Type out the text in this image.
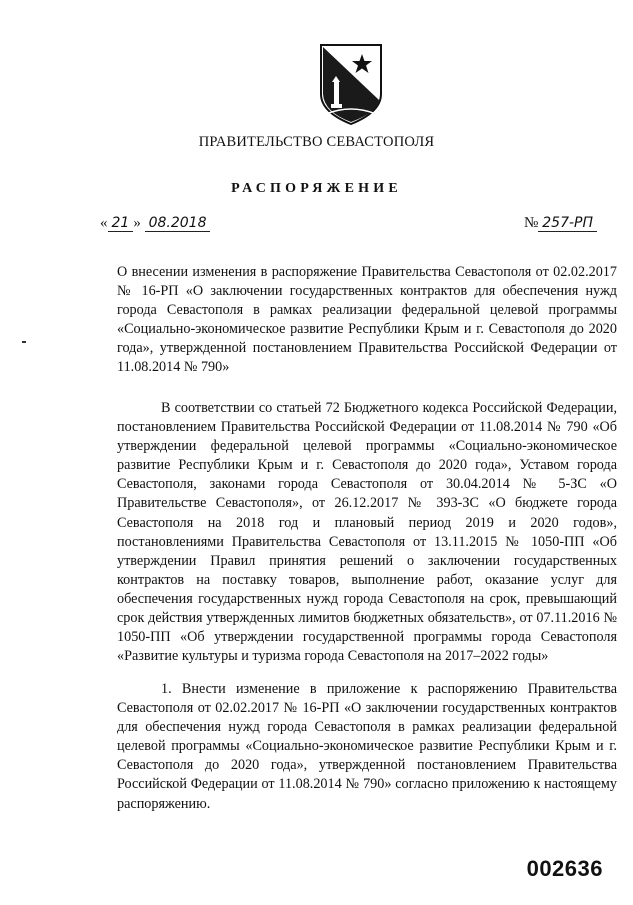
ПРАВИТЕЛЬСТВО СЕВАСТОПОЛЯ
РАСПОРЯЖЕНИЕ
« 21 » 08.2018	№ 257-РП

О внесении изменения в распоряжение Правительства Севастополя от 02.02.2017 № 16-РП «О заключении государственных контрактов для обеспечения нужд города Севастополя в рамках реализации федеральной целевой программы «Социально-экономическое развитие Республики Крым и г. Севастополя до 2020 года», утвержденной постановлением Правительства Российской Федерации от 11.08.2014 № 790»

В соответствии со статьей 72 Бюджетного кодекса Российской Федерации, постановлением Правительства Российской Федерации от 11.08.2014 № 790 «Об утверждении федеральной целевой программы «Социально-экономическое развитие Республики Крым и г. Севастополя до 2020 года», Уставом города Севастополя, законами города Севастополя от 30.04.2014 № 5-ЗС «О Правительстве Севастополя», от 26.12.2017 № 393-ЗС «О бюджете города Севастополя на 2018 год и плановый период 2019 и 2020 годов», постановлениями Правительства Севастополя от 13.11.2015 № 1050-ПП «Об утверждении Правил принятия решений о заключении государственных контрактов на поставку товаров, выполнение работ, оказание услуг для обеспечения государственных нужд города Севастополя на срок, превышающий срок действия утвержденных лимитов бюджетных обязательств», от 07.11.2016 № 1050-ПП «Об утверждении государственной программы города Севастополя «Развитие культуры и туризма города Севастополя на 2017–2022 годы»

1. Внести изменение в приложение к распоряжению Правительства Севастополя от 02.02.2017 № 16-РП «О заключении государственных контрактов для обеспечения нужд города Севастополя в рамках реализации федеральной целевой программы «Социально-экономическое развитие Республики Крым и г. Севастополя до 2020 года», утвержденной постановлением Правительства Российской Федерации от 11.08.2014 № 790» согласно приложению к настоящему распоряжению.

002636
